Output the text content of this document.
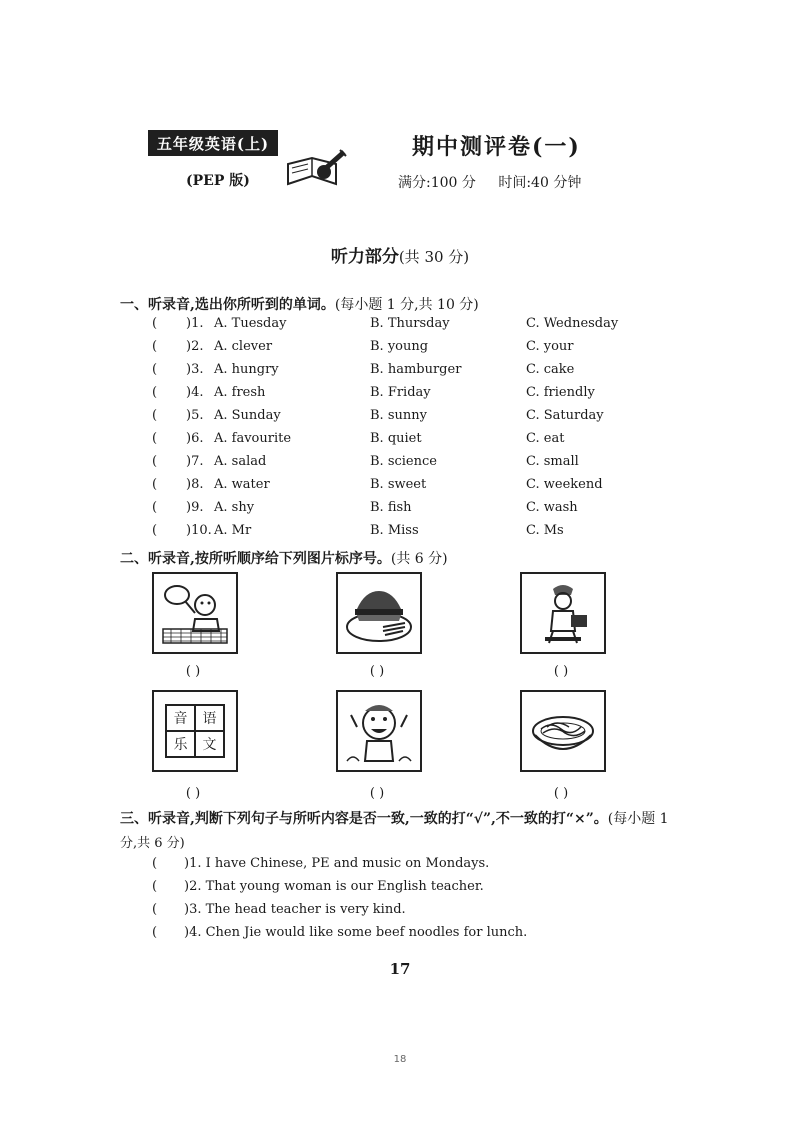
五年级英语(上)
(PEP 版)
期中测评卷(一)
满分:100 分 时间:40 分钟
听力部分(共 30 分)
一、听录音,选出你所听到的单词。(每小题 1 分,共 10 分)
( )1. A. Tuesday	B. Thursday	C. Wednesday
( )2. A. clever	B. young	C. your
( )3. A. hungry	B. hamburger	C. cake
( )4. A. fresh	B. Friday	C. friendly
( )5. A. Sunday	B. sunny	C. Saturday
( )6. A. favourite	B. quiet	C. eat
( )7. A. salad	B. science	C. small
( )8. A. water	B. sweet	C. weekend
( )9. A. shy	B. fish	C. wash
( )10. A. Mr	B. Miss	C. Ms
二、听录音,按所听顺序给下列图片标序号。(共 6 分)
( )	( )	( )
音	语
乐	文
( )	( )	( )
三、听录音,判断下列句子与所听内容是否一致,一致的打“√”,不一致的打“×”。(每小题 1
分,共 6 分)
( )1. I have Chinese, PE and music on Mondays.
( )2. That young woman is our English teacher.
( )3. The head teacher is very kind.
( )4. Chen Jie would like some beef noodles for lunch.
17
18
